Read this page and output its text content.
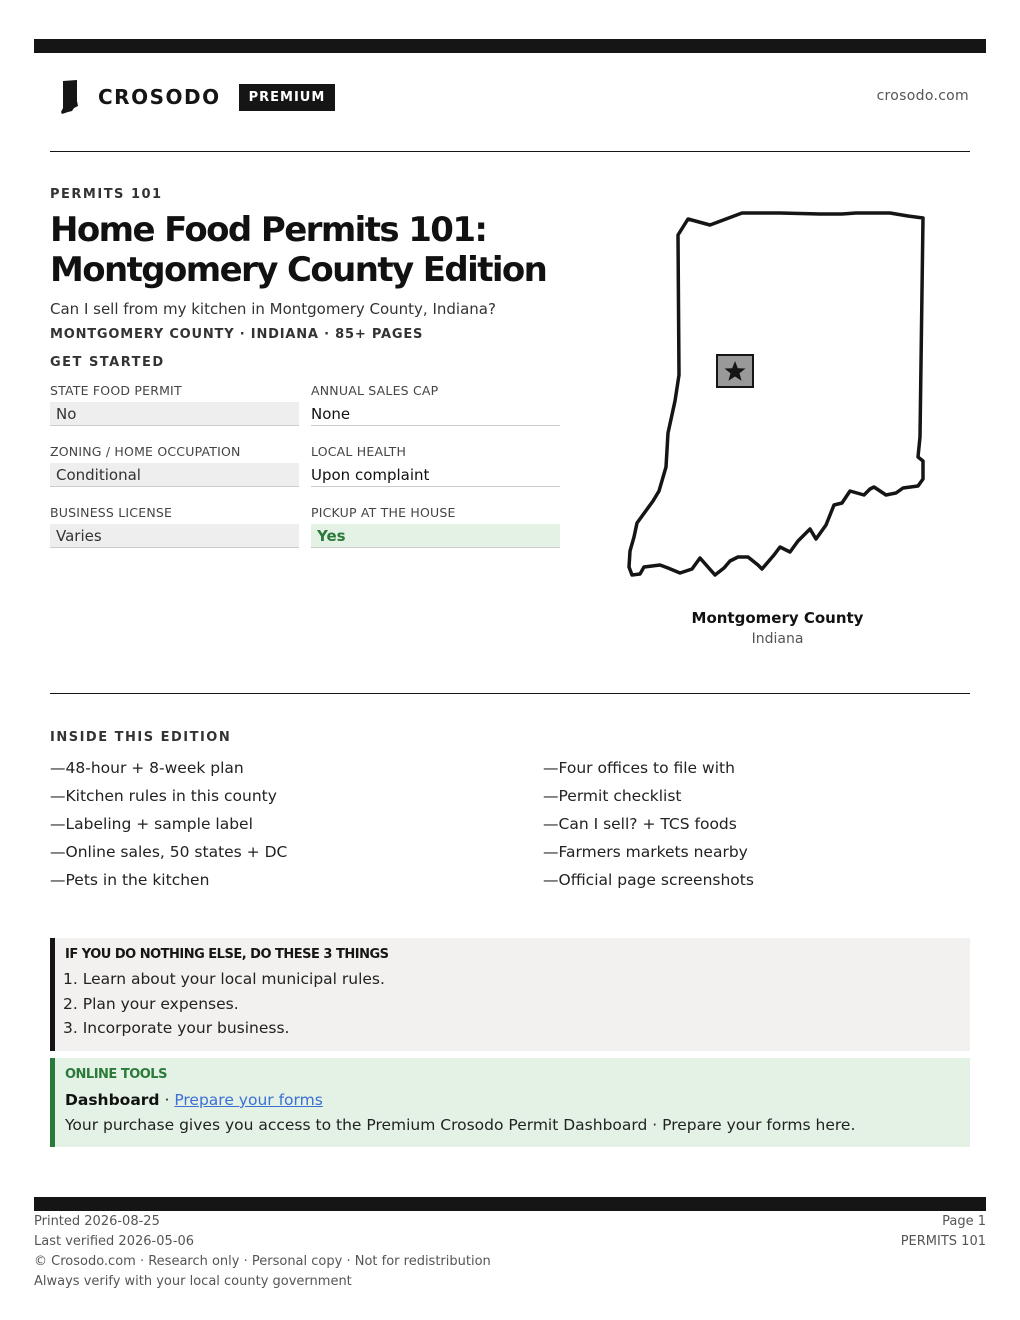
CROSODO	PREMIUM	crosodo.com
PERMITS 101
Home Food Permits 101:
Montgomery County Edition
Can I sell from my kitchen in Montgomery County, Indiana?
MONTGOMERY COUNTY · INDIANA · 85+ PAGES
GET STARTED
STATE FOOD PERMIT
No
ANNUAL SALES CAP
None
ZONING / HOME OCCUPATION
Conditional
LOCAL HEALTH
Upon complaint
BUSINESS LICENSE
Varies
PICKUP AT THE HOUSE
Yes
Montgomery County
Indiana
INSIDE THIS EDITION
—48-hour + 8-week plan
—Kitchen rules in this county
—Labeling + sample label
—Online sales, 50 states + DC
—Pets in the kitchen
—Four offices to file with
—Permit checklist
—Can I sell? + TCS foods
—Farmers markets nearby
—Official page screenshots
IF YOU DO NOTHING ELSE, DO THESE 3 THINGS
1. Learn about your local municipal rules.
2. Plan your expenses.
3. Incorporate your business.
ONLINE TOOLS
Dashboard · Prepare your forms
Your purchase gives you access to the Premium Crosodo Permit Dashboard · Prepare your forms here.
Printed 2026-08-25
Last verified 2026-05-06
© Crosodo.com · Research only · Personal copy · Not for redistribution
Always verify with your local county government
Page 1
PERMITS 101
